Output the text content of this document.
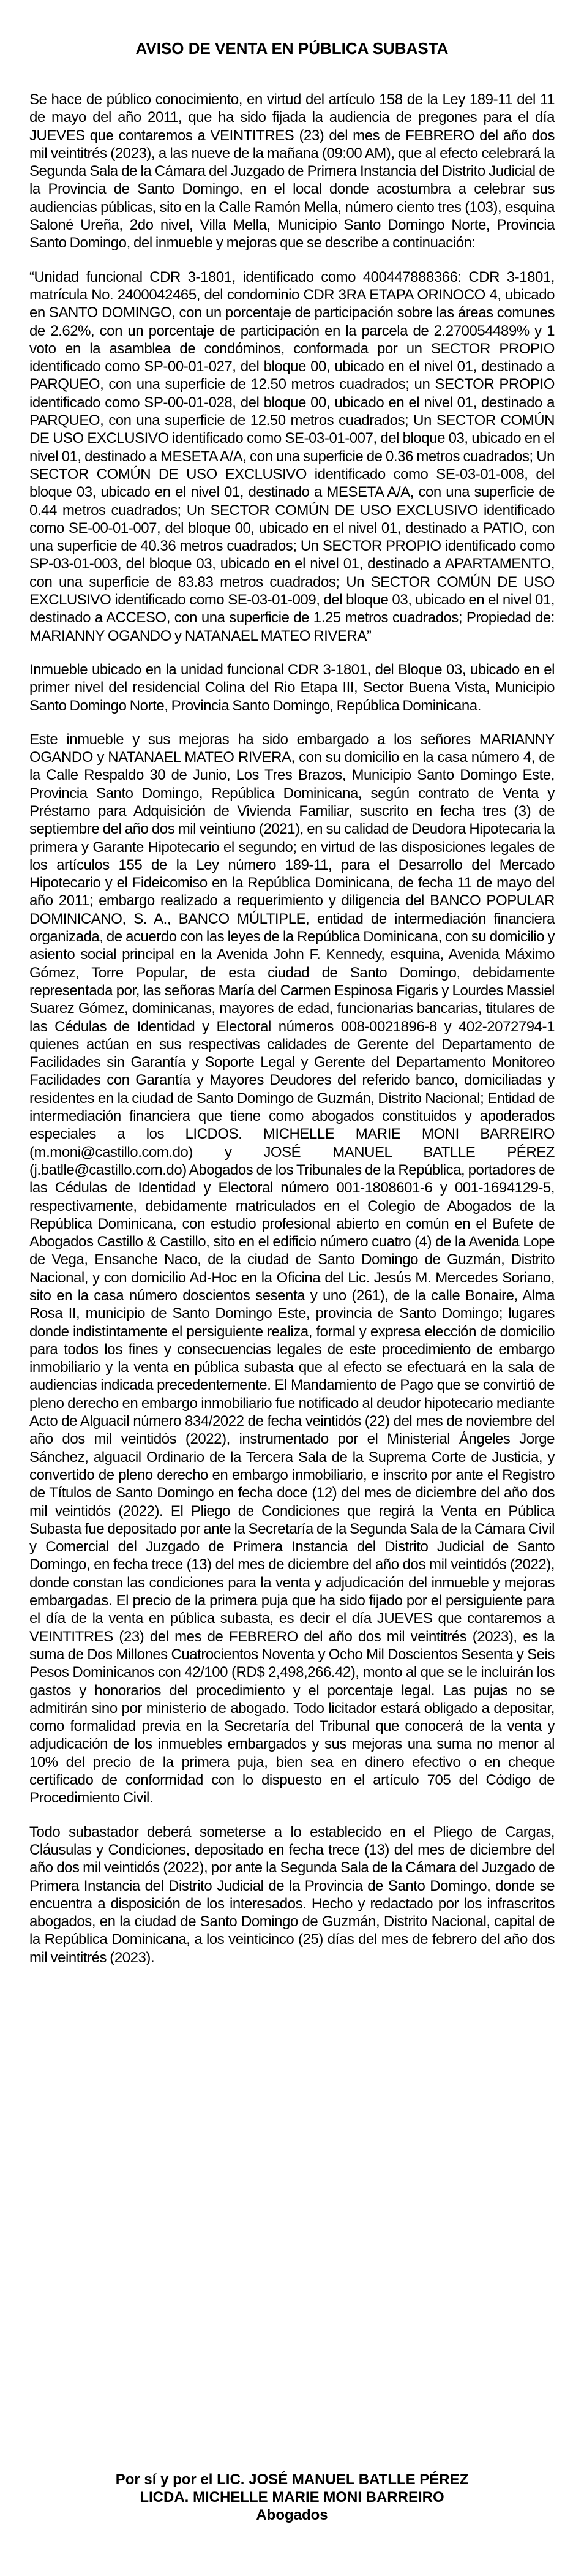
AVISO DE VENTA EN PÚBLICA SUBASTA

Se hace de público conocimiento, en virtud del artículo 158 de la Ley 189-11 del 11 de mayo del año 2011, que ha sido fijada la audiencia de pregones para el día JUEVES que contaremos a VEINTITRES (23) del mes de FEBRERO del año dos mil veintitrés (2023), a las nueve de la mañana (09:00 AM), que al efecto celebrará la Segunda Sala de la Cámara del Juzgado de Primera Instancia del Distrito Judicial de la Provincia de Santo Domingo, en el local donde acostumbra a celebrar sus audiencias públicas, sito en la Calle Ramón Mella, número ciento tres (103), esquina Saloné Ureña, 2do nivel, Villa Mella, Municipio Santo Domingo Norte, Provincia Santo Domingo, del inmueble y mejoras que se describe a continuación:

“Unidad funcional CDR 3-1801, identificado como 400447888366: CDR 3-1801, matrícula No. 2400042465, del condominio CDR 3RA ETAPA ORINOCO 4, ubicado en SANTO DOMINGO, con un porcentaje de participación sobre las áreas comunes de 2.62%, con un porcentaje de participación en la parcela de 2.270054489% y 1 voto en la asamblea de condóminos, conformada por un SECTOR PROPIO identificado como SP-00-01-027, del bloque 00, ubicado en el nivel 01, destinado a PARQUEO, con una superficie de 12.50 metros cuadrados; un SECTOR PROPIO identificado como SP-00-01-028, del bloque 00, ubicado en el nivel 01, destinado a PARQUEO, con una superficie de 12.50 metros cuadrados; Un SECTOR COMÚN DE USO EXCLUSIVO identificado como SE-03-01-007, del bloque 03, ubicado en el nivel 01, destinado a MESETA A/A, con una superficie de 0.36 metros cuadrados; Un SECTOR COMÚN DE USO EXCLUSIVO identificado como SE-03-01-008, del bloque 03, ubicado en el nivel 01, destinado a MESETA A/A, con una superficie de 0.44 metros cuadrados; Un SECTOR COMÚN DE USO EXCLUSIVO identificado como SE-00-01-007, del bloque 00, ubicado en el nivel 01, destinado a PATIO, con una superficie de 40.36 metros cuadrados; Un SECTOR PROPIO identificado como SP-03-01-003, del bloque 03, ubicado en el nivel 01, destinado a APARTAMENTO, con una superficie de 83.83 metros cuadrados; Un SECTOR COMÚN DE USO EXCLUSIVO identificado como SE-03-01-009, del bloque 03, ubicado en el nivel 01, destinado a ACCESO, con una superficie de 1.25 metros cuadrados; Propiedad de: MARIANNY OGANDO y NATANAEL MATEO RIVERA”

Inmueble ubicado en la unidad funcional CDR 3-1801, del Bloque 03, ubicado en el primer nivel del residencial Colina del Rio Etapa III, Sector Buena Vista, Municipio Santo Domingo Norte, Provincia Santo Domingo, República Dominicana.

Este inmueble y sus mejoras ha sido embargado a los señores MARIANNY OGANDO y NATANAEL MATEO RIVERA, con su domicilio en la casa número 4, de la Calle Respaldo 30 de Junio, Los Tres Brazos, Municipio Santo Domingo Este, Provincia Santo Domingo, República Dominicana, según contrato de Venta y Préstamo para Adquisición de Vivienda Familiar, suscrito en fecha tres (3) de septiembre del año dos mil veintiuno (2021), en su calidad de Deudora Hipotecaria la primera y Garante Hipotecario el segundo; en virtud de las disposiciones legales de los artículos 155 de la Ley número 189-11, para el Desarrollo del Mercado Hipotecario y el Fideicomiso en la República Dominicana, de fecha 11 de mayo del año 2011; embargo realizado a requerimiento y diligencia del BANCO POPULAR DOMINICANO, S. A., BANCO MÚLTIPLE, entidad de intermediación financiera organizada, de acuerdo con las leyes de la República Dominicana, con su domicilio y asiento social principal en la Avenida John F. Kennedy, esquina, Avenida Máximo Gómez, Torre Popular, de esta ciudad de Santo Domingo, debidamente representada por, las señoras María del Carmen Espinosa Figaris y Lourdes Massiel Suarez Gómez, dominicanas, mayores de edad, funcionarias bancarias, titulares de las Cédulas de Identidad y Electoral números 008-0021896-8 y 402-2072794-1 quienes actúan en sus respectivas calidades de Gerente del Departamento de Facilidades sin Garantía y Soporte Legal y Gerente del Departamento Monitoreo Facilidades con Garantía y Mayores Deudores del referido banco, domiciliadas y residentes en la ciudad de Santo Domingo de Guzmán, Distrito Nacional; Entidad de intermediación financiera que tiene como abogados constituidos y apoderados especiales a los LICDOS. MICHELLE MARIE MONI BARREIRO (m.moni@castillo.com.do) y JOSÉ MANUEL BATLLE PÉREZ (j.batlle@castillo.com.do) Abogados de los Tribunales de la República, portadores de las Cédulas de Identidad y Electoral número 001-1808601-6 y 001-1694129-5, respectivamente, debidamente matriculados en el Colegio de Abogados de la República Dominicana, con estudio profesional abierto en común en el Bufete de Abogados Castillo & Castillo, sito en el edificio número cuatro (4) de la Avenida Lope de Vega, Ensanche Naco, de la ciudad de Santo Domingo de Guzmán, Distrito Nacional, y con domicilio Ad-Hoc en la Oficina del Lic. Jesús M. Mercedes Soriano, sito en la casa número doscientos sesenta y uno (261), de la calle Bonaire, Alma Rosa II, municipio de Santo Domingo Este, provincia de Santo Domingo; lugares donde indistintamente el persiguiente realiza, formal y expresa elección de domicilio para todos los fines y consecuencias legales de este procedimiento de embargo inmobiliario y la venta en pública subasta que al efecto se efectuará en la sala de audiencias indicada precedentemente. El Mandamiento de Pago que se convirtió de pleno derecho en embargo inmobiliario fue notificado al deudor hipotecario mediante Acto de Alguacil número 834/2022 de fecha veintidós (22) del mes de noviembre del año dos mil veintidós (2022), instrumentado por el Ministerial Ángeles Jorge Sánchez, alguacil Ordinario de la Tercera Sala de la Suprema Corte de Justicia, y convertido de pleno derecho en embargo inmobiliario, e inscrito por ante el Registro de Títulos de Santo Domingo en fecha doce (12) del mes de diciembre del año dos mil veintidós (2022). El Pliego de Condiciones que regirá la Venta en Pública Subasta fue depositado por ante la Secretaría de la Segunda Sala de la Cámara Civil y Comercial del Juzgado de Primera Instancia del Distrito Judicial de Santo Domingo, en fecha trece (13) del mes de diciembre del año dos mil veintidós (2022), donde constan las condiciones para la venta y adjudicación del inmueble y mejoras embargadas. El precio de la primera puja que ha sido fijado por el persiguiente para el día de la venta en pública subasta, es decir el día JUEVES que contaremos a VEINTITRES (23) del mes de FEBRERO del año dos mil veintitrés (2023), es la suma de Dos Millones Cuatrocientos Noventa y Ocho Mil Doscientos Sesenta y Seis Pesos Dominicanos con 42/100 (RD$ 2,498,266.42), monto al que se le incluirán los gastos y honorarios del procedimiento y el porcentaje legal. Las pujas no se admitirán sino por ministerio de abogado. Todo licitador estará obligado a depositar, como formalidad previa en la Secretaría del Tribunal que conocerá de la venta y adjudicación de los inmuebles embargados y sus mejoras una suma no menor al 10% del precio de la primera puja, bien sea en dinero efectivo o en cheque certificado de conformidad con lo dispuesto en el artículo 705 del Código de Procedimiento Civil.

Todo subastador deberá someterse a lo establecido en el Pliego de Cargas, Cláusulas y Condiciones, depositado en fecha trece (13) del mes de diciembre del año dos mil veintidós (2022), por ante la Segunda Sala de la Cámara del Juzgado de Primera Instancia del Distrito Judicial de la Provincia de Santo Domingo, donde se encuentra a disposición de los interesados. Hecho y redactado por los infrascritos abogados, en la ciudad de Santo Domingo de Guzmán, Distrito Nacional, capital de la República Dominicana, a los veinticinco (25) días del mes de febrero del año dos mil veintitrés (2023).

Por sí y por el LIC. JOSÉ MANUEL BATLLE PÉREZ
LICDA. MICHELLE MARIE MONI BARREIRO
Abogados
